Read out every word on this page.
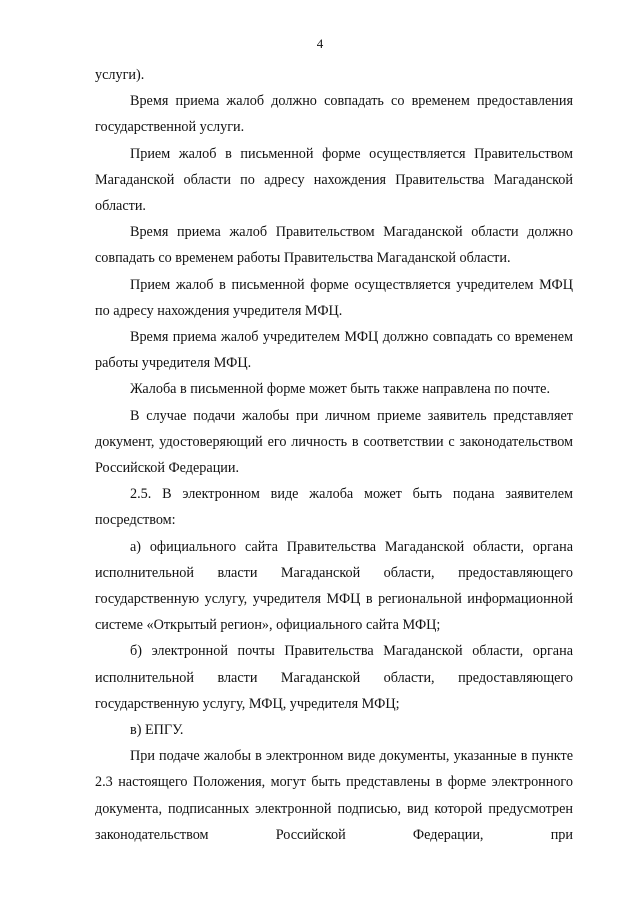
4

услуги).

Время приема жалоб должно совпадать со временем предоставления государственной услуги.

Прием жалоб в письменной форме осуществляется Правительством Магаданской области по адресу нахождения Правительства Магаданской области.

Время приема жалоб Правительством Магаданской области должно совпадать со временем работы Правительства Магаданской области.

Прием жалоб в письменной форме осуществляется учредителем МФЦ по адресу нахождения учредителя МФЦ.

Время приема жалоб учредителем МФЦ должно совпадать со временем работы учредителя МФЦ.

Жалоба в письменной форме может быть также направлена по почте.

В случае подачи жалобы при личном приеме заявитель представляет документ, удостоверяющий его личность в соответствии с законодательством Российской Федерации.

2.5. В электронном виде жалоба может быть подана заявителем посредством:

а) официального сайта Правительства Магаданской области, органа исполнительной власти Магаданской области, предоставляющего государственную услугу, учредителя МФЦ в региональной информационной системе «Открытый регион», официального сайта МФЦ;

б) электронной почты Правительства Магаданской области, органа исполнительной власти Магаданской области, предоставляющего государственную услугу, МФЦ, учредителя МФЦ;

в) ЕПГУ.

При подаче жалобы в электронном виде документы, указанные в пункте 2.3 настоящего Положения, могут быть представлены в форме электронного документа, подписанных электронной подписью, вид которой предусмотрен законодательством Российской Федерации, при
